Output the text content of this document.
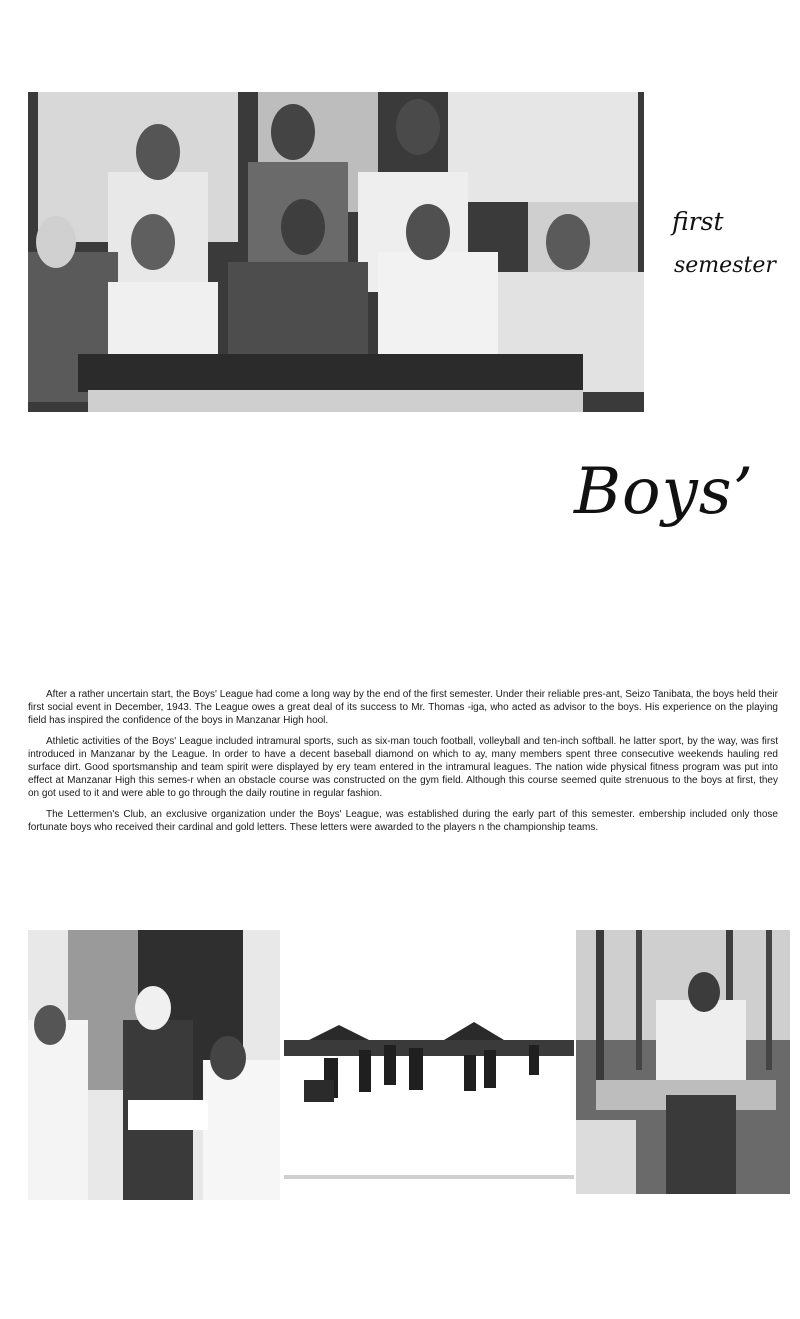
first
semester
Boys’

After a rather uncertain start, the Boys' League had come a long way by the end of the first semester. Under their reliable pres-ant, Seizo Tanibata, the boys held their first social event in December, 1943. The League owes a great deal of its success to Mr. Thomas -iga, who acted as advisor to the boys. His experience on the playing field has inspired the confidence of the boys in Manzanar High hool.

Athletic activities of the Boys' League included intramural sports, such as six-man touch football, volleyball and ten-inch softball. he latter sport, by the way, was first introduced in Manzanar by the League. In order to have a decent baseball diamond on which to ay, many members spent three consecutive weekends hauling red surface dirt. Good sportsmanship and team spirit were displayed by ery team entered in the intramural leagues. The nation wide physical fitness program was put into effect at Manzanar High this semes-r when an obstacle course was constructed on the gym field. Although this course seemed quite strenuous to the boys at first, they on got used to it and were able to go through the daily routine in regular fashion.

The Lettermen's Club, an exclusive organization under the Boys' League, was established during the early part of this semester. embership included only those fortunate boys who received their cardinal and gold letters. These letters were awarded to the players n the championship teams.
